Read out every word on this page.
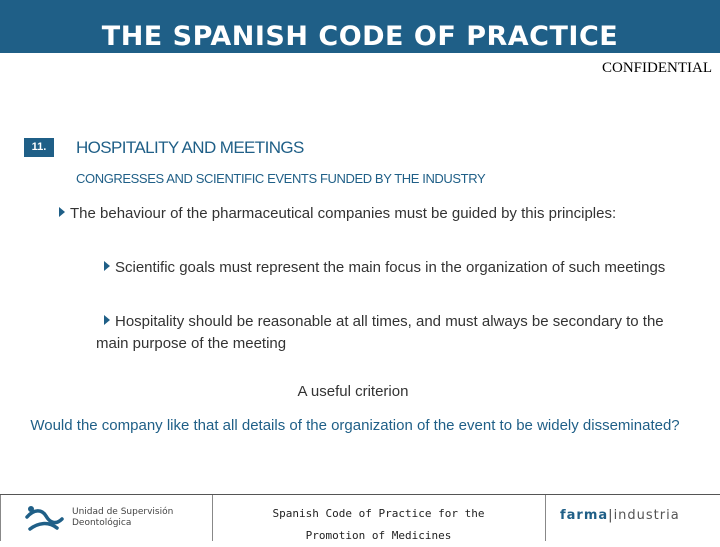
THE SPANISH CODE OF PRACTICE
CONFIDENTIAL
11.	HOSPITALITY AND MEETINGS
CONGRESSES AND SCIENTIFIC EVENTS FUNDED BY THE INDUSTRY
The behaviour of the pharmaceutical companies must be guided by this principles:
Scientific goals must represent the main focus in the organization of such meetings
Hospitality should be reasonable at all times, and must always be secondary to the main purpose of the meeting
A useful criterion
Would the company like that all details of the organization of the event to be widely disseminated?
Unidad de Supervisión
Deontológica
Spanish Code of Practice for the
Promotion of Medicines
farma|industria
